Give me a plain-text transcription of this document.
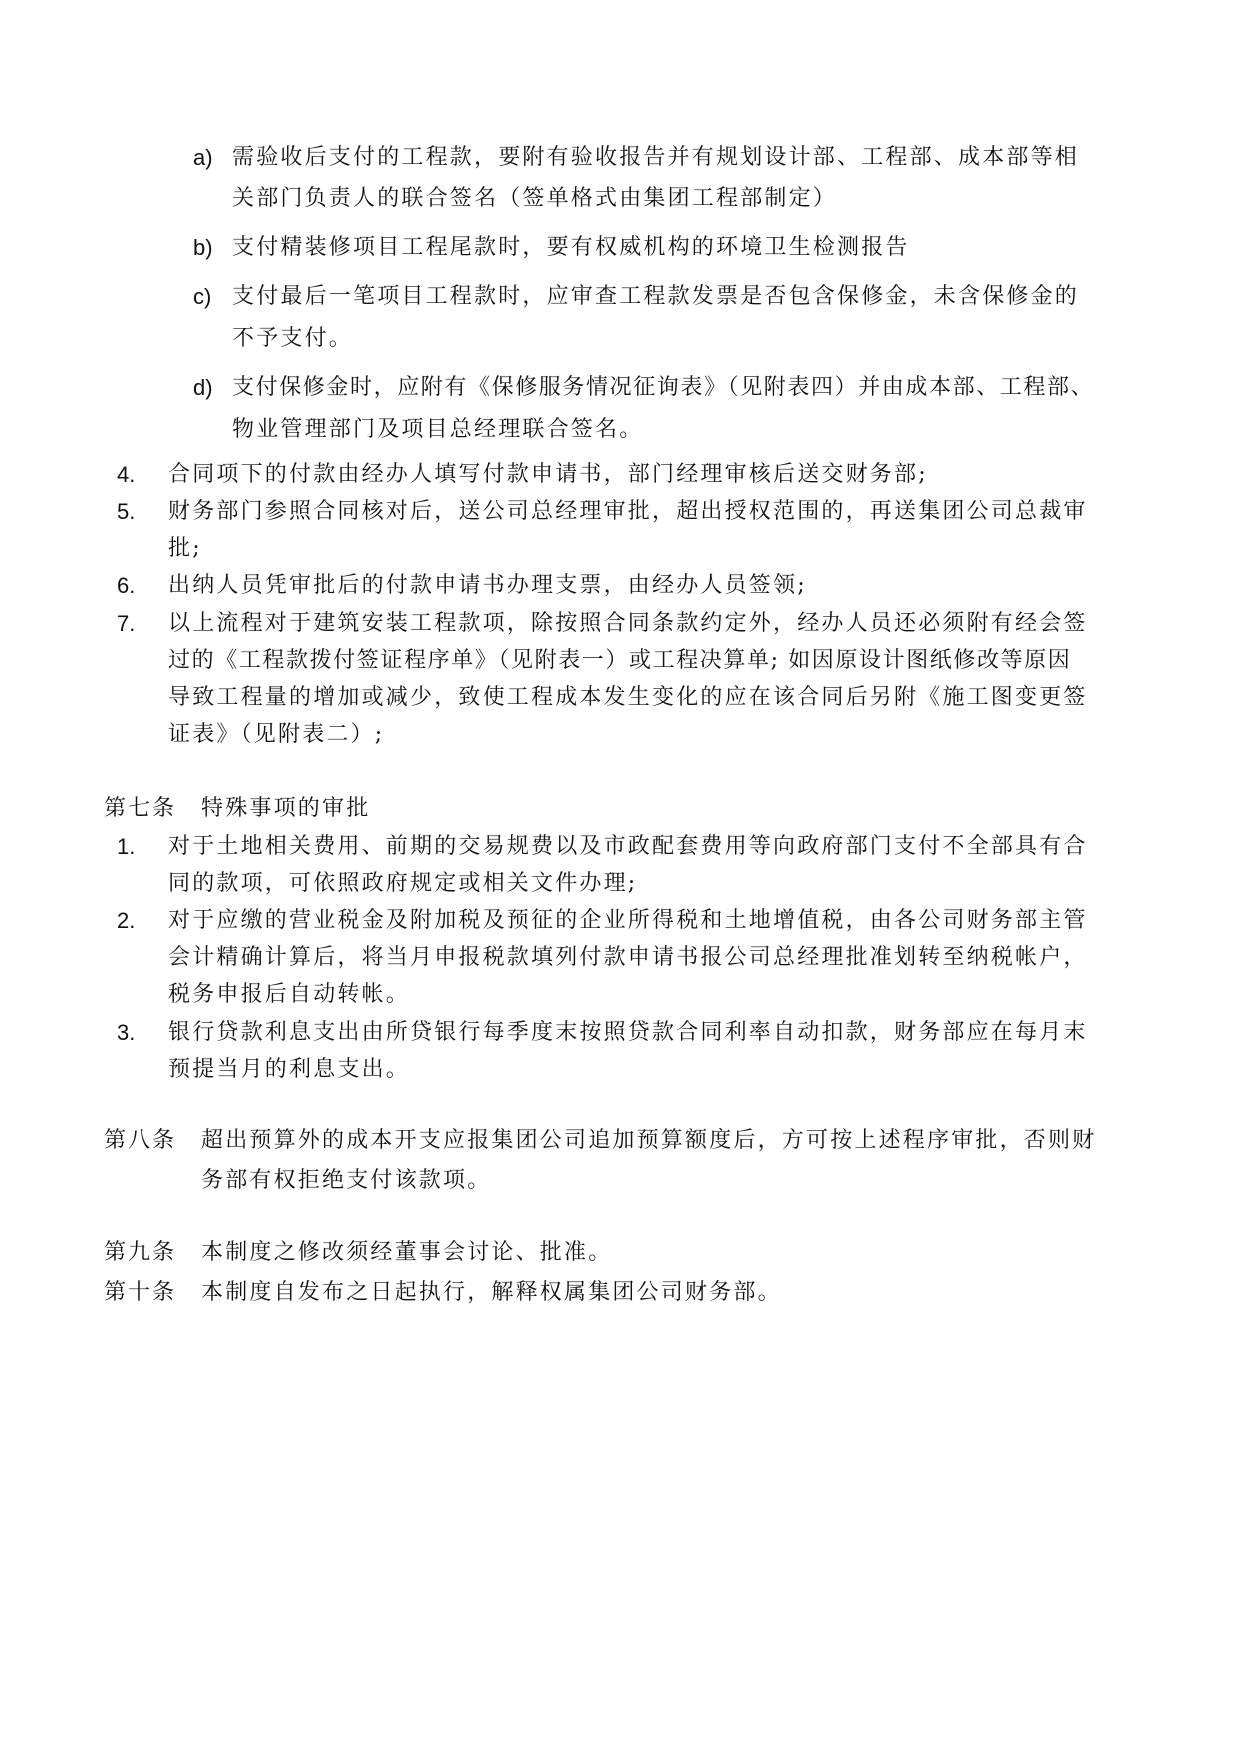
a) 需验收后支付的工程款，要附有验收报告并有规划设计部、工程部、成本部等相
关部门负责人的联合签名（签单格式由集团工程部制定）
b) 支付精装修项目工程尾款时，要有权威机构的环境卫生检测报告
c) 支付最后一笔项目工程款时，应审查工程款发票是否包含保修金，未含保修金的
不予支付。
d) 支付保修金时，应附有《保修服务情况征询表》（见附表四）并由成本部、工程部、
物业管理部门及项目总经理联合签名。
4. 合同项下的付款由经办人填写付款申请书，部门经理审核后送交财务部;
5. 财务部门参照合同核对后，送公司总经理审批，超出授权范围的，再送集团公司总裁审
批;
6. 出纳人员凭审批后的付款申请书办理支票，由经办人员签领;
7. 以上流程对于建筑安装工程款项，除按照合同条款约定外，经办人员还必须附有经会签
过的《工程款拨付签证程序单》（见附表一）或工程决算单; 如因原设计图纸修改等原因
导致工程量的增加或减少，致使工程成本发生变化的应在该合同后另附《施工图变更签
证表》（见附表二）;
第七条 特殊事项的审批
1. 对于土地相关费用、前期的交易规费以及市政配套费用等向政府部门支付不全部具有合
同的款项，可依照政府规定或相关文件办理;
2. 对于应缴的营业税金及附加税及预征的企业所得税和土地增值税，由各公司财务部主管
会计精确计算后，将当月申报税款填列付款申请书报公司总经理批准划转至纳税帐户，
税务申报后自动转帐。
3. 银行贷款利息支出由所贷银行每季度末按照贷款合同利率自动扣款，财务部应在每月末
预提当月的利息支出。
第八条 超出预算外的成本开支应报集团公司追加预算额度后，方可按上述程序审批，否则财
务部有权拒绝支付该款项。
第九条 本制度之修改须经董事会讨论、批准。
第十条 本制度自发布之日起执行，解释权属集团公司财务部。
